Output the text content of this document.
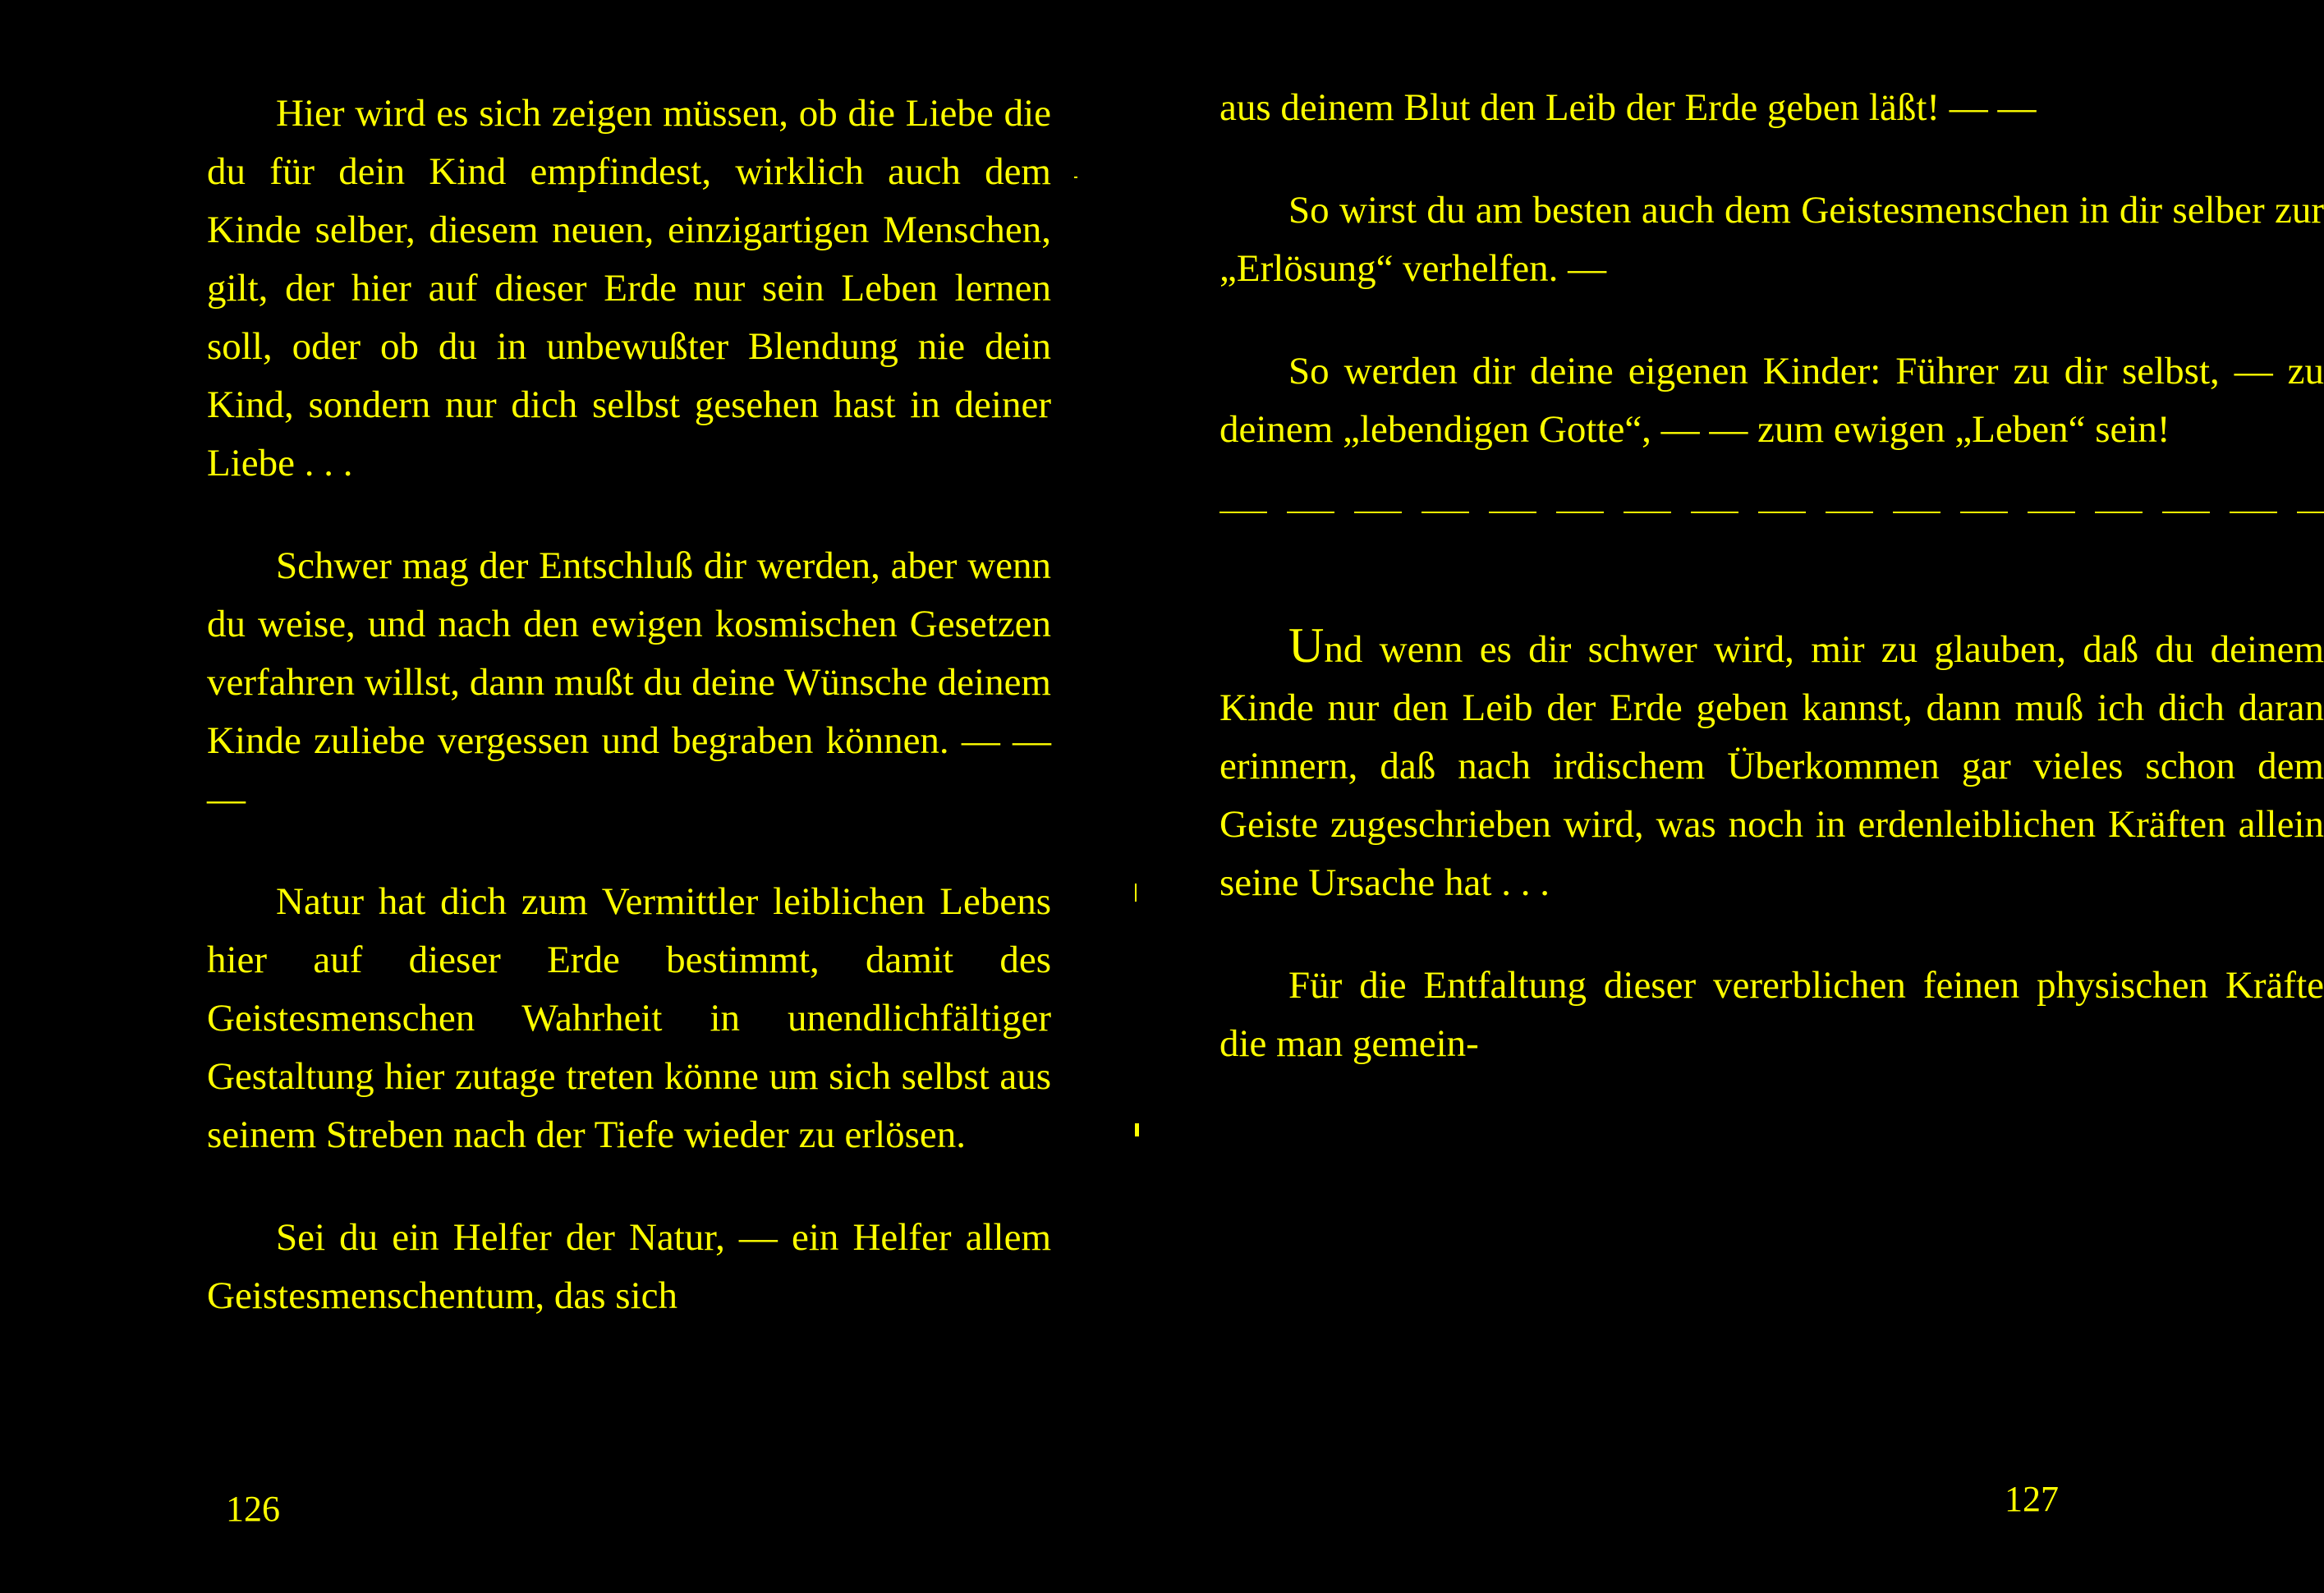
Hier wird es sich zeigen müssen, ob die Liebe die du für dein Kind empfindest, wirklich auch dem Kinde selber, diesem neuen, einzigartigen Menschen, gilt, der hier auf dieser Erde nur sein Leben lernen soll, oder ob du in unbewußter Blendung nie dein Kind, sondern nur dich selbst gesehen hast in deiner Liebe . . .

Schwer mag der Entschluß dir werden, aber wenn du weise, und nach den ewigen kosmischen Gesetzen verfahren willst, dann mußt du deine Wünsche deinem Kinde zuliebe vergessen und begraben können. — — —

Natur hat dich zum Vermittler leiblichen Lebens hier auf dieser Erde bestimmt, damit des Geistesmenschen Wahrheit in unendlichfältiger Gestaltung hier zutage treten könne um sich selbst aus seinem Streben nach der Tiefe wieder zu erlösen.

Sei du ein Helfer der Natur, — ein Helfer allem Geistesmenschentum, das sich

126

aus deinem Blut den Leib der Erde geben läßt! — —

So wirst du am besten auch dem Geistesmenschen in dir selber zur „Erlösung“ verhelfen. —

So werden dir deine eigenen Kinder: Führer zu dir selbst, — zu deinem „lebendigen Gotte“, — — zum ewigen „Leben“ sein!

Und wenn es dir schwer wird, mir zu glauben, daß du deinem Kinde nur den Leib der Erde geben kannst, dann muß ich dich daran erinnern, daß nach irdischem Überkommen gar vieles schon dem Geiste zugeschrieben wird, was noch in erdenleiblichen Kräften allein seine Ursache hat . . .

Für die Entfaltung dieser vererblichen feinen physischen Kräfte die man gemein-

127
